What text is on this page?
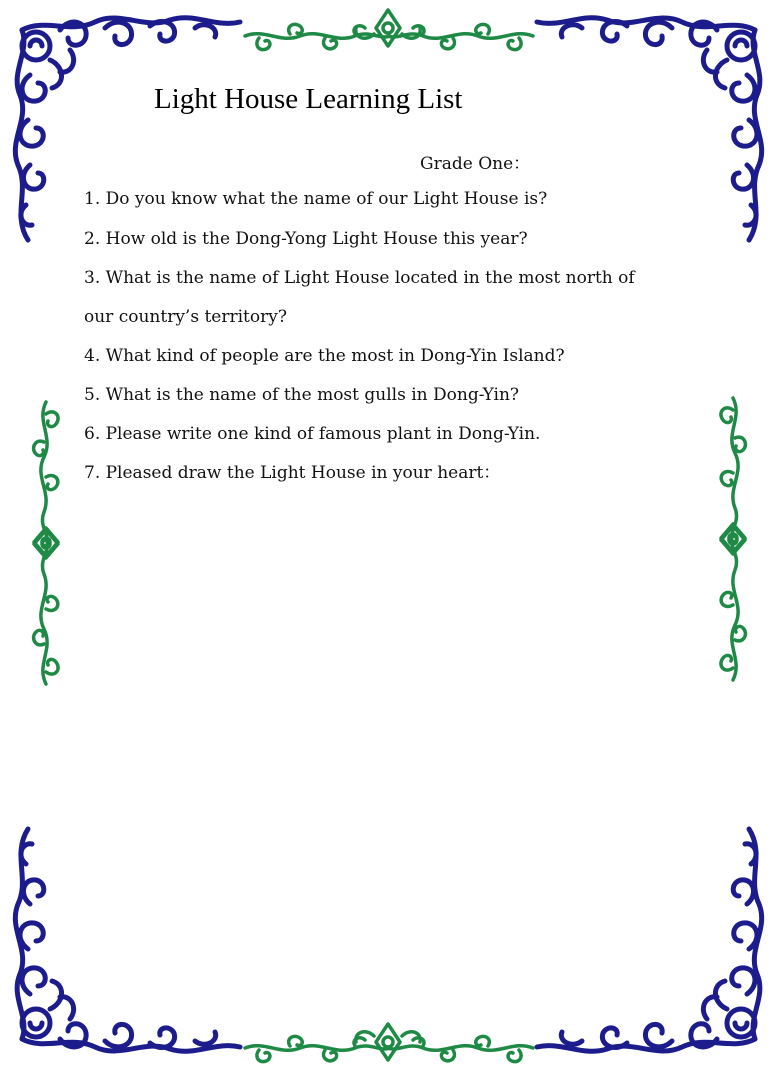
Light House Learning List
Grade One：
1. Do you know what the name of our Light House is?
2. How old is the Dong-Yong Light House this year?
3. What is the name of Light House located in the most north of
our country’s territory?
4. What kind of people are the most in Dong-Yin Island?
5. What is the name of the most gulls in Dong-Yin?
6. Please write one kind of famous plant in Dong-Yin.
7. Pleased draw the Light House in your heart：
